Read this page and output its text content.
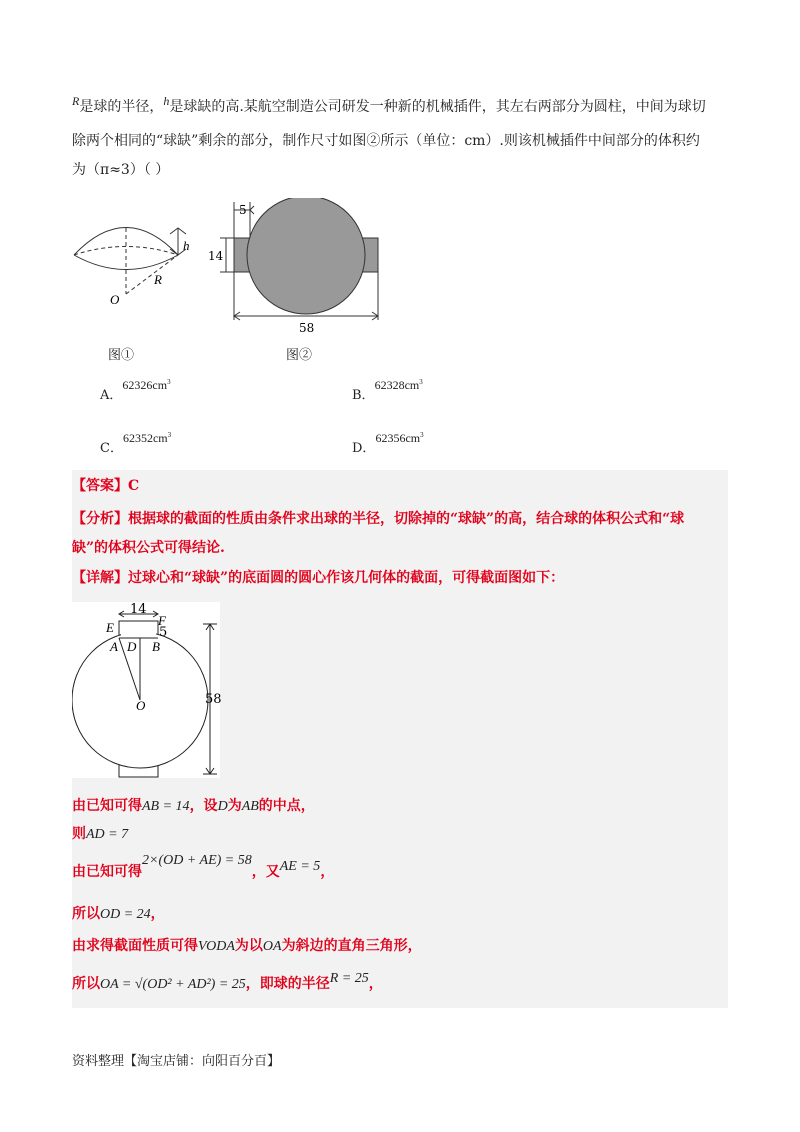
R是球的半径，h是球缺的高.某航空制造公司研发一种新的机械插件，其左右两部分为圆柱，中间为球切
除两个相同的“球缺”剩余的部分，制作尺寸如图②所示（单位：cm）.则该机械插件中间部分的体积约
为（π≈3）（ ）
h
R
O
图①
5
14
58
图②
A．$62326cm^3$
B．$62328cm^3$
C．$62352cm^3$
D．$62356cm^3$
【答案】C
【分析】根据球的截面的性质由条件求出球的半径，切除掉的“球缺”的高，结合球的体积公式和“球
缺”的体积公式可得结论.
【详解】过球心和“球缺”的底面圆的圆心作该几何体的截面，可得截面图如下：
14
E	F
5
A D B
O	58
由已知可得AB = 14，设D为AB的中点，
则AD = 7
由已知可得2×(OD + AE) = 58，又AE = 5，
所以OD = 24，
由求得截面性质可得VODA为以OA为斜边的直角三角形，
所以OA = √(OD² + AD²) = 25，即球的半径R = 25，
资料整理【淘宝店铺：向阳百分百】
